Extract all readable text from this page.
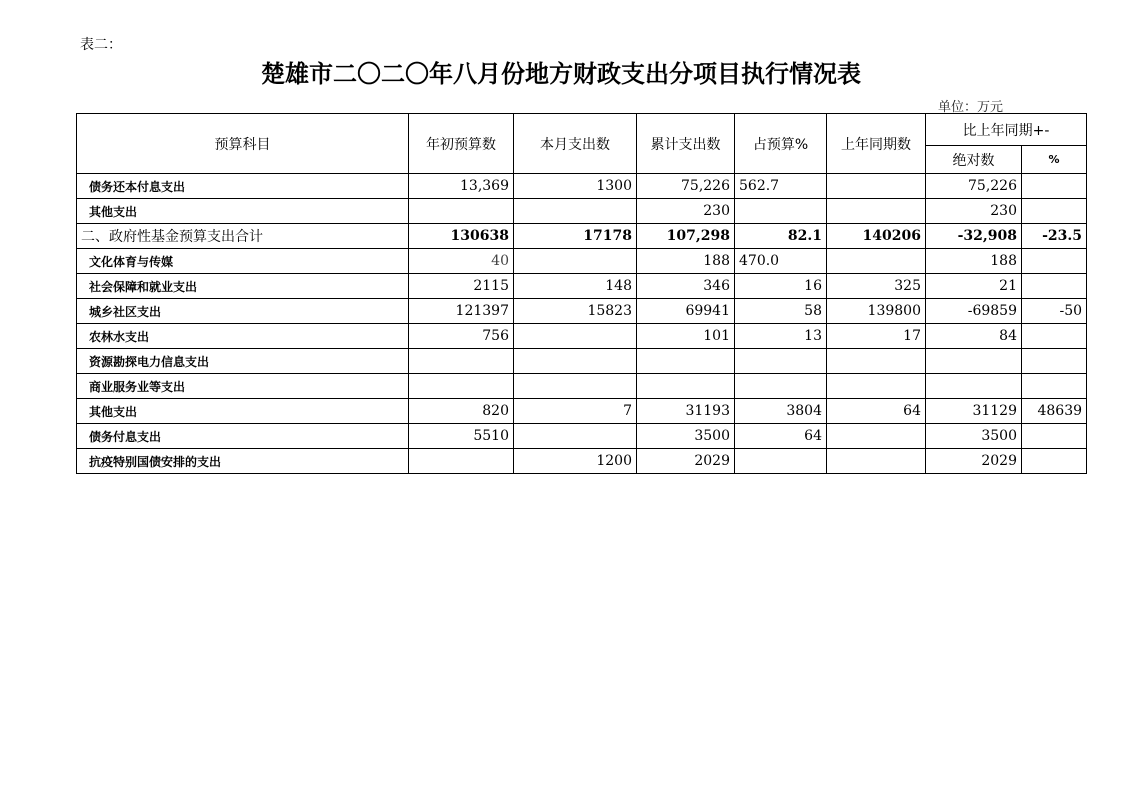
表二：
楚雄市二〇二〇年八月份地方财政支出分项目执行情况表
单位：万元
预算科目	年初预算数	本月支出数	累计支出数	占预算%	上年同期数	比上年同期+-	
						绝对数	%
债务还本付息支出	13,369	1300	75,226	562.7		75,226	
其他支出			230			230	
二、政府性基金预算支出合计	130638	17178	107,298	82.1	140206	-32,908	-23.5
文化体育与传媒	40		188	470.0		188	
社会保障和就业支出	2115	148	346	16	325	21	
城乡社区支出	121397	15823	69941	58	139800	-69859	-50
农林水支出	756		101	13	17	84	
资源勘探电力信息支出							
商业服务业等支出							
其他支出	820	7	31193	3804	64	31129	48639
债务付息支出	5510		3500	64		3500	
抗疫特别国债安排的支出		1200	2029			2029	
